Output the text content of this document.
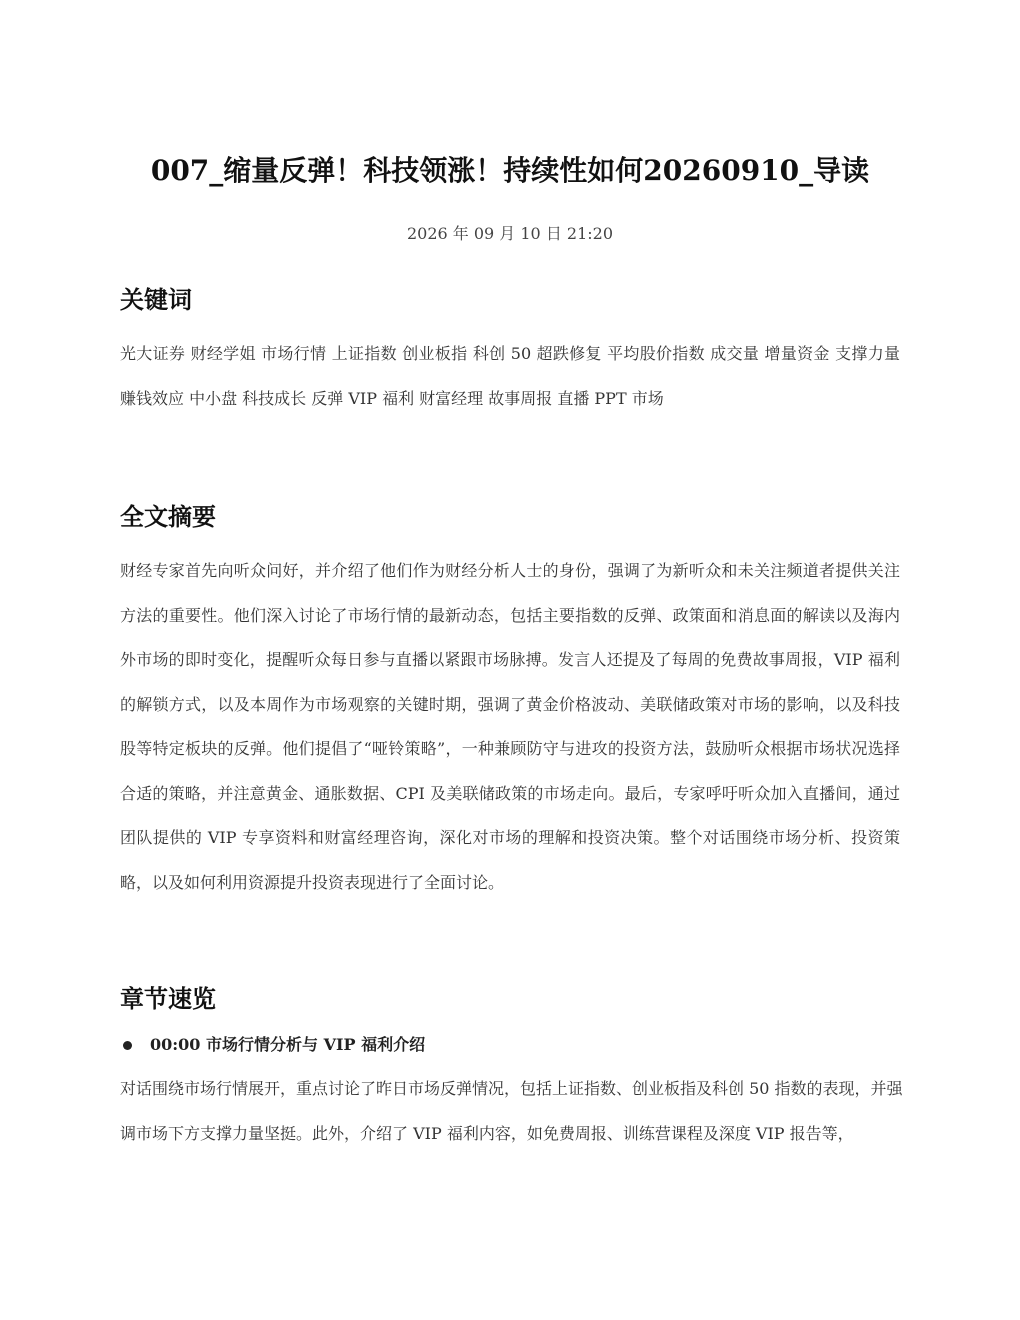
007_缩量反弹！科技领涨！持续性如何20260910_导读
2026 年 09 月 10 日 21:20
关键词
光大证券 财经学姐 市场行情 上证指数 创业板指 科创 50 超跌修复 平均股价指数 成交量 增量资金 支撑力量 赚钱效应 中小盘 科技成长 反弹 VIP 福利 财富经理 故事周报 直播 PPT 市场
全文摘要
财经专家首先向听众问好，并介绍了他们作为财经分析人士的身份，强调了为新听众和未关注频道者提供关注方法的重要性。他们深入讨论了市场行情的最新动态，包括主要指数的反弹、政策面和消息面的解读以及海内外市场的即时变化，提醒听众每日参与直播以紧跟市场脉搏。发言人还提及了每周的免费故事周报，VIP 福利的解锁方式，以及本周作为市场观察的关键时期，强调了黄金价格波动、美联储政策对市场的影响，以及科技股等特定板块的反弹。他们提倡了“哑铃策略”，一种兼顾防守与进攻的投资方法，鼓励听众根据市场状况选择合适的策略，并注意黄金、通胀数据、CPI 及美联储政策的市场走向。最后，专家呼吁听众加入直播间，通过团队提供的 VIP 专享资料和财富经理咨询，深化对市场的理解和投资决策。整个对话围绕市场分析、投资策略，以及如何利用资源提升投资表现进行了全面讨论。
章节速览
00:00 市场行情分析与 VIP 福利介绍
对话围绕市场行情展开，重点讨论了昨日市场反弹情况，包括上证指数、创业板指及科创 50 指数的表现，并强调市场下方支撑力量坚挺。此外，介绍了 VIP 福利内容，如免费周报、训练营课程及深度 VIP 报告等，
